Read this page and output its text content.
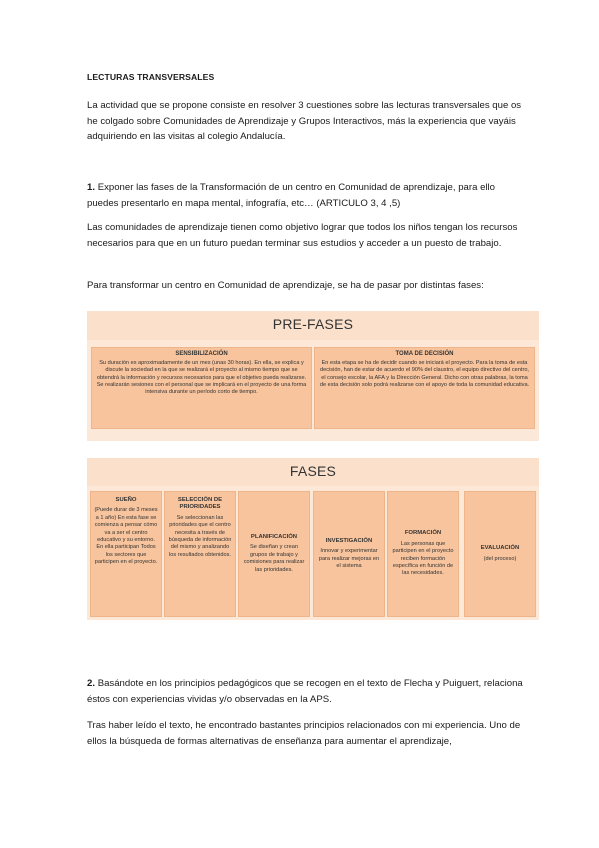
LECTURAS TRANSVERSALES

La actividad que se propone consiste en resolver 3 cuestiones sobre las lecturas transversales que os he colgado sobre Comunidades de Aprendizaje y Grupos Interactivos, más la experiencia que vayáis adquiriendo en las visitas al colegio Andalucía.

1. Exponer las fases de la Transformación de un centro en Comunidad de aprendizaje, para ello puedes presentarlo en mapa mental, infografía, etc… (ARTICULO 3, 4 ,5)

Las comunidades de aprendizaje tienen como objetivo lograr que todos los niños tengan los recursos necesarios para que en un futuro puedan terminar sus estudios y acceder a un puesto de trabajo.

Para transformar un centro en Comunidad de aprendizaje, se ha de pasar por distintas fases:

PRE-FASES
SENSIBILIZACIÓN
Su duración es aproximadamente de un mes (unas 30 horas). En ella, se explica y discute la sociedad en la que se realizará el proyecto al mismo tiempo que se obtendrá la información y recursos necesarios para que el objetivo pueda realizarse. Se realizarán sesiones con el personal que se implicará en el proyecto de una forma intensiva durante un período corto de tiempo.
TOMA DE DECISIÓN
En esta etapa se ha de decidir cuando se iniciará el proyecto. Para la toma de esta decisión, han de estar de acuerdo el 90% del claustro, el equipo directivo del centro, el consejo escolar, la AFA y la Dirección General. Dicho con otras palabras, la toma de esta decisión solo podrá realizarse con el apoyo de toda la comunidad educativa.
FASES
SUEÑO
(Puede durar de 3 meses a 1 año) En esta fase se comienza a pensar cómo va a ser el centro educativo y su entorno. En ella participan Todos los sectores que participen en el proyecto.
SELECCIÓN DE PRIORIDADES
Se seleccionan las prioridades que el centro necesita a través de búsqueda de información del mismo y analizando los resultados obtenidos.
PLANIFICACIÓN
Se diseñan y crean grupos de trabajo y comisiones para realizar las prioridades.
INVESTIGACIÓN
Innovar y experimentar para realizar mejoras en el sistema
FORMACIÓN
Las personas que participen en el proyecto reciben formación específica en función de las necesidades.
EVALUACIÓN
(del proceso)

2. Basándote en los principios pedagógicos que se recogen en el texto de Flecha y Puiguert, relaciona éstos con experiencias vividas y/o observadas en la APS.

Tras haber leído el texto, he encontrado bastantes principios relacionados con mi experiencia. Uno de ellos la búsqueda de formas alternativas de enseñanza para aumentar el aprendizaje,
